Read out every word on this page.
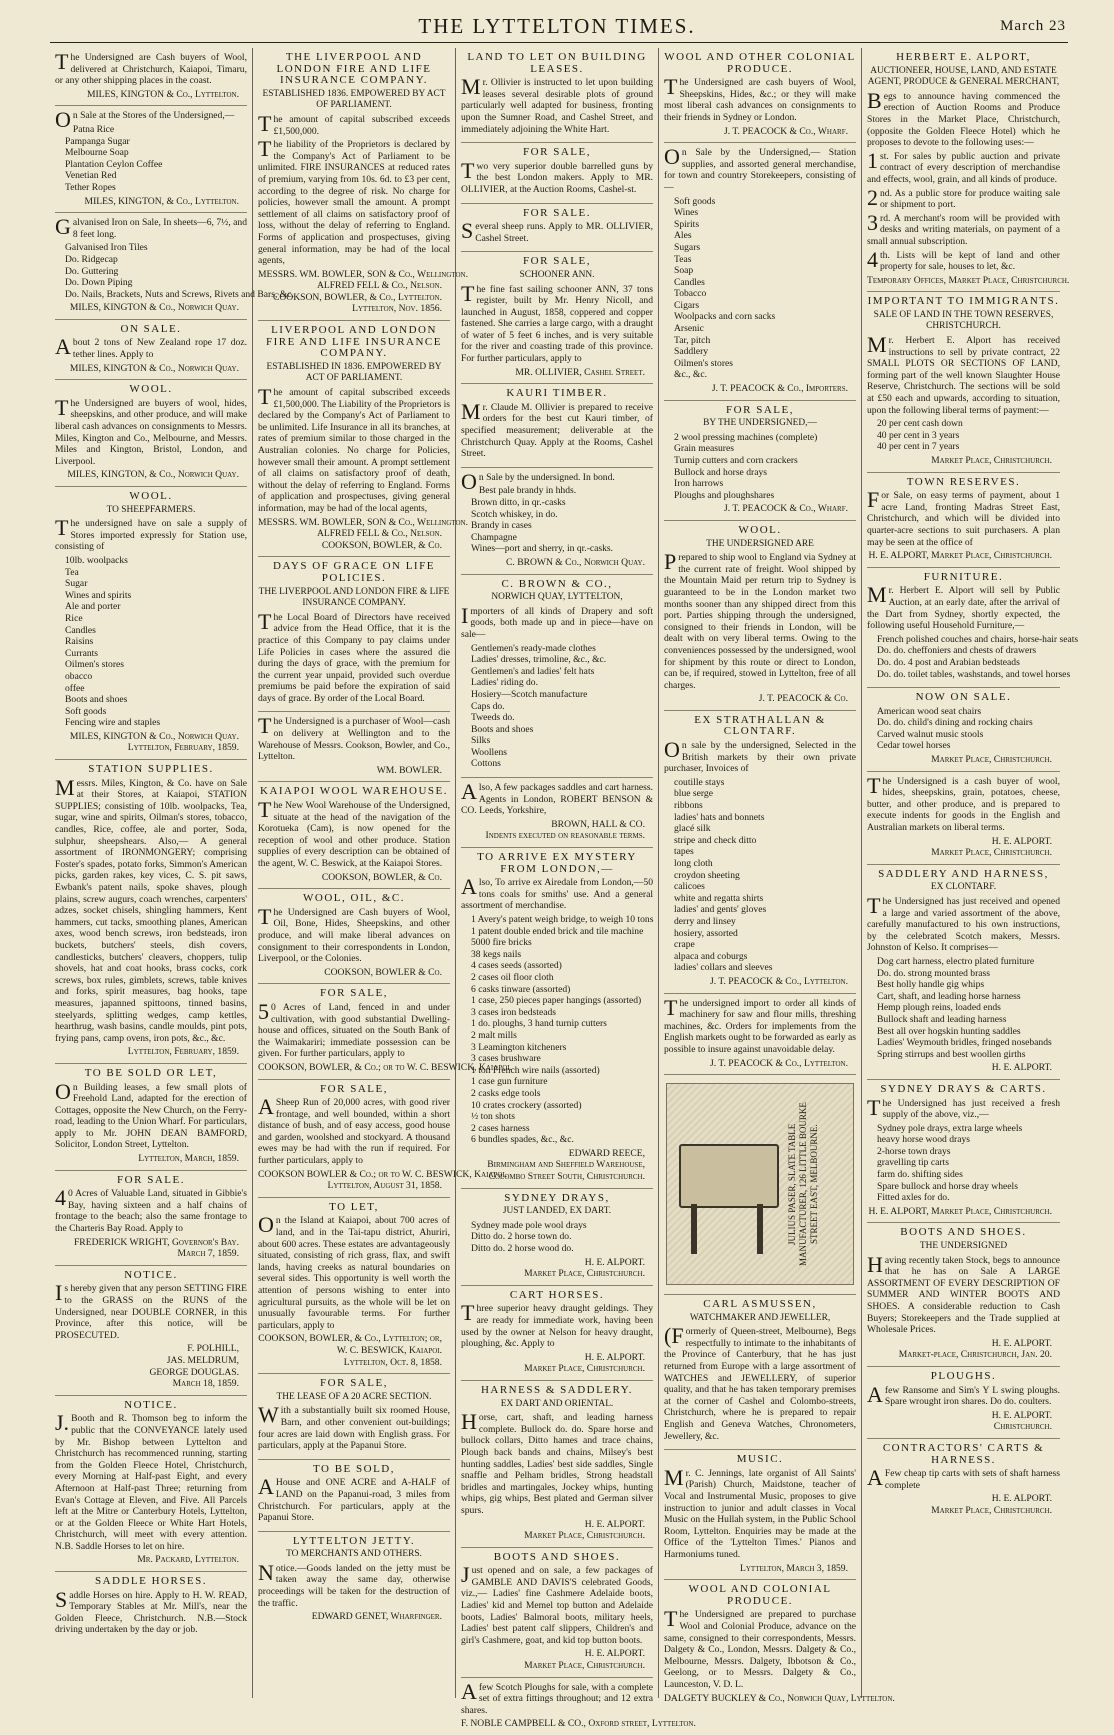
THE LYTTELTON TIMES.	March 23

The Undersigned are Cash buyers of Wool, delivered at Christchurch, Kaiapoi, Timaru, or any other shipping places in the coast.

MILES, KINGTON & Co., Lyttelton.

On Sale at the Stores of the Undersigned,—

Patna Rice
Pampanga Sugar
Melbourne Soap
Plantation Ceylon Coffee
Venetian Red
Tether Ropes
MILES, KINGTON, & Co., Lyttelton.

Galvanised Iron on Sale, In sheets—6, 7½, and 8 feet long.

Galvanised Iron Tiles
Do. Ridgecap
Do. Guttering
Do. Down Piping
Do. Nails, Brackets, Nuts and Screws, Rivets and Bars, &c.
MILES, KINGTON & Co., Norwich Quay.
ON SALE.

About 2 tons of New Zealand rope 17 doz. tether lines. Apply to

MILES, KINGTON & Co., Norwich Quay.
WOOL.

The Undersigned are buyers of wool, hides, sheepskins, and other produce, and will make liberal cash advances on consignments to Messrs. Miles, Kington and Co., Melbourne, and Messrs. Miles and Kington, Bristol, London, and Liverpool.

MILES, KINGTON, & Co., Norwich Quay.
WOOL.
TO SHEEPFARMERS.

The undersigned have on sale a supply of Stores imported expressly for Station use, consisting of

10lb. woolpacks
Tea
Sugar
Wines and spirits
Ale and porter
Rice
Candles
Raisins
Currants
Oilmen's stores
obacco
offee
Boots and shoes
Soft goods
Fencing wire and staples
MILES, KINGTON & Co., Norwich Quay.
Lyttelton, February, 1859.
STATION SUPPLIES.

Messrs. Miles, Kington, & Co. have on Sale at their Stores, at Kaiapoi, STATION SUPPLIES; consisting of 10lb. woolpacks, Tea, sugar, wine and spirits, Oilman's stores, tobacco, candles, Rice, coffee, ale and porter, Soda, sulphur, sheepshears. Also,— A general assortment of IRONMONGERY; comprising Foster's spades, potato forks, Simmon's American picks, garden rakes, key vices, C. S. pit saws, Ewbank's patent nails, spoke shaves, plough plains, screw augurs, coach wrenches, carpenters' adzes, socket chisels, shingling hammers, Kent hammers, cut tacks, smoothing planes, American axes, wood bench screws, iron bedsteads, iron buckets, butchers' steels, dish covers, candlesticks, butchers' cleavers, choppers, tulip shovels, hat and coat hooks, brass cocks, cork screws, box rules, gimblets, screws, table knives and forks, spirit measures, bag hooks, tape measures, japanned spittoons, tinned basins, steelyards, splitting wedges, camp kettles, hearthrug, wash basins, candle moulds, pint pots, frying pans, camp ovens, iron pots, &c., &c.

Lyttelton, February, 1859.
TO BE SOLD OR LET,

On Building leases, a few small plots of Freehold Land, adapted for the erection of Cottages, opposite the New Church, on the Ferry-road, leading to the Union Wharf. For particulars, apply to Mr. JOHN DEAN BAMFORD, Solicitor, London Street, Lyttelton.

Lyttelton, March, 1859.
FOR SALE.

40 Acres of Valuable Land, situated in Gibbie's Bay, having sixteen and a half chains of frontage to the beach; also the same frontage to the Charteris Bay Road. Apply to

FREDERICK WRIGHT, Governor's Bay.
March 7, 1859.
NOTICE.

Is hereby given that any person SETTING FIRE to the GRASS on the RUNS of the Undersigned, near DOUBLE CORNER, in this Province, after this notice, will be PROSECUTED.

F. POLHILL,
JAS. MELDRUM,
GEORGE DOUGLAS.
March 18, 1859.
NOTICE.

J.Booth and R. Thomson beg to inform the public that the CONVEYANCE lately used by Mr. Bishop between Lyttelton and Christchurch has recommenced running, starting from the Golden Fleece Hotel, Christchurch, every Morning at Half-past Eight, and every Afternoon at Half-past Three; returning from Evan's Cottage at Eleven, and Five. All Parcels left at the Mitre or Canterbury Hotels, Lyttelton, or at the Golden Fleece or White Hart Hotels, Christchurch, will meet with every attention. N.B. Saddle Horses to let on hire.

Mr. Packard, Lyttelton.
SADDLE HORSES.

Saddle Horses on hire. Apply to H. W. READ, Temporary Stables at Mr. Mill's, near the Golden Fleece, Christchurch. N.B.—Stock driving undertaken by the day or job.

THE LIVERPOOL AND LONDON FIRE AND LIFE INSURANCE COMPANY.
ESTABLISHED 1836. EMPOWERED BY ACT OF PARLIAMENT.

The amount of capital subscribed exceeds £1,500,000.

The liability of the Proprietors is declared by the Company's Act of Parliament to be unlimited. FIRE INSURANCES at reduced rates of premium, varying from 10s. 6d. to £3 per cent, according to the degree of risk. No charge for policies, however small the amount. A prompt settlement of all claims on satisfactory proof of loss, without the delay of referring to England. Forms of application and prospectuses, giving general information, may be had of the local agents,

MESSRS. WM. BOWLER, SON & Co., Wellington.
ALFRED FELL & Co., Nelson.
COOKSON, BOWLER, & Co., Lyttelton.
Lyttelton, Nov. 1856.
LIVERPOOL AND LONDON FIRE AND LIFE INSURANCE COMPANY.
ESTABLISHED IN 1836. EMPOWERED BY ACT OF PARLIAMENT.

The amount of capital subscribed exceeds £1,500,000. The Liability of the Proprietors is declared by the Company's Act of Parliament to be unlimited. Life Insurance in all its branches, at rates of premium similar to those charged in the Australian colonies. No charge for Policies, however small their amount. A prompt settlement of all claims on satisfactory proof of death, without the delay of referring to England. Forms of application and prospectuses, giving general information, may be had of the local agents,

MESSRS. WM. BOWLER, SON & Co., Wellington.
ALFRED FELL & Co., Nelson.
COOKSON, BOWLER, & Co.
DAYS OF GRACE ON LIFE POLICIES.
THE LIVERPOOL AND LONDON FIRE & LIFE INSURANCE COMPANY.

The Local Board of Directors have received advice from the Head Office, that it is the practice of this Company to pay claims under Life Policies in cases where the assured die during the days of grace, with the premium for the current year unpaid, provided such overdue premiums be paid before the expiration of said days of grace. By order of the Local Board.

The Undersigned is a purchaser of Wool—cash on delivery at Wellington and to the Warehouse of Messrs. Cookson, Bowler, and Co., Lyttelton.

WM. BOWLER.
KAIAPOI WOOL WAREHOUSE.

The New Wool Warehouse of the Undersigned, situate at the head of the navigation of the Korotueka (Cam), is now opened for the reception of wool and other produce. Station supplies of every description can be obtained of the agent, W. C. Beswick, at the Kaiapoi Stores.

COOKSON, BOWLER, & Co.
WOOL, OIL, &C.

The Undersigned are Cash buyers of Wool, Oil, Bone, Hides, Sheepskins, and other produce, and will make liberal advances on consignment to their correspondents in London, Liverpool, or the Colonies.

COOKSON, BOWLER & Co.
FOR SALE,

50 Acres of Land, fenced in and under cultivation, with good substantial Dwelling-house and offices, situated on the South Bank of the Waimakariri; immediate possession can be given. For further particulars, apply to

COOKSON, BOWLER, & Co.; or to W. C. BESWICK, Kaiapoi.
FOR SALE,

ASheep Run of 20,000 acres, with good river frontage, and well bounded, within a short distance of bush, and of easy access, good house and garden, woolshed and stockyard. A thousand ewes may be had with the run if required. For further particulars, apply to

COOKSON BOWLER & Co.; or to W. C. BESWICK, Kaiapoi.
Lyttelton, August 31, 1858.
TO LET,

On the Island at Kaiapoi, about 700 acres of land, and in the Tai-tapu district, Ahuriri, about 600 acres. These estates are advantageously situated, consisting of rich grass, flax, and swift lands, having creeks as natural boundaries on several sides. This opportunity is well worth the attention of persons wishing to enter into agricultural pursuits, as the whole will be let on unusually favourable terms. For further particulars, apply to

COOKSON, BOWLER, & Co., Lyttelton; or,
W. C. BESWICK, Kaiapoi.
Lyttelton, Oct. 8, 1858.
FOR SALE,
THE LEASE OF A 20 ACRE SECTION.

With a substantially built six roomed House, Barn, and other convenient out-buildings; four acres are laid down with English grass. For particulars, apply at the Papanui Store.

TO BE SOLD,

AHouse and ONE ACRE and A-HALF of LAND on the Papanui-road, 3 miles from Christchurch. For particulars, apply at the Papanui Store.

LYTTELTON JETTY.
TO MERCHANTS AND OTHERS.

Notice.—Goods landed on the jetty must be taken away the same day, otherwise proceedings will be taken for the destruction of the traffic.

EDWARD GENET, Wharfinger.
LAND TO LET ON BUILDING LEASES.

Mr. Ollivier is instructed to let upon building leases several desirable plots of ground particularly well adapted for business, fronting upon the Sumner Road, and Cashel Street, and immediately adjoining the White Hart.

FOR SALE,

Two very superior double barrelled guns by the best London makers. Apply to MR. OLLIVIER, at the Auction Rooms, Cashel-st.

FOR SALE.

Several sheep runs. Apply to MR. OLLIVIER, Cashel Street.

FOR SALE,
SCHOONER ANN.

The fine fast sailing schooner ANN, 37 tons register, built by Mr. Henry Nicoll, and launched in August, 1858, coppered and copper fastened. She carries a large cargo, with a draught of water of 5 feet 6 inches, and is very suitable for the river and coasting trade of this province. For further particulars, apply to

MR. OLLIVIER, Cashel Street.
KAURI TIMBER.

Mr. Claude M. Ollivier is prepared to receive orders for the best cut Kauri timber, of specified measurement; deliverable at the Christchurch Quay. Apply at the Rooms, Cashel Street.

On Sale by the undersigned. In bond.

Best pale brandy in hhds.
Brown ditto, in qr.-casks
Scotch whiskey, in do.
Brandy in cases
Champagne
Wines—port and sherry, in qr.-casks.
C. BROWN & Co., Norwich Quay.
C. BROWN & CO.,
NORWICH QUAY, LYTTELTON,

Importers of all kinds of Drapery and soft goods, both made up and in piece—have on sale—

Gentlemen's ready-made clothes
Ladies' dresses, trimoline, &c., &c.
Gentlemen's and ladies' felt hats
Ladies' riding do.
Hosiery—Scotch manufacture
Caps do.
Tweeds do.
Boots and shoes
Silks
Woollens
Cottons

Also, A few packages saddles and cart harness. Agents in London, ROBERT BENSON & CO. Leeds, Yorkshire,

BROWN, HALL & CO.
Indents executed on reasonable terms.
TO ARRIVE EX MYSTERY FROM LONDON,—

Also, To arrive ex Airedale from London,—50 tons coals for smiths' use. And a general assortment of merchandise.

1 Avery's patent weigh bridge, to weigh 10 tons
1 patent double ended brick and tile machine
5000 fire bricks
38 kegs nails
4 cases seeds (assorted)
2 cases oil floor cloth
6 casks tinware (assorted)
1 case, 250 pieces paper hangings (assorted)
3 cases iron bedsteads
1 do. ploughs, 3 hand turnip cutters
2 malt mills
3 Leamington kitcheners
3 cases brushware
1 ton French wire nails (assorted)
1 case gun furniture
2 casks edge tools
10 crates crockery (assorted)
½ ton shots
2 cases harness
6 bundles spades, &c., &c.
EDWARD REECE,
Birmingham and Sheffield Warehouse,
Colombo Street South, Christchurch.
SYDNEY DRAYS,
JUST LANDED, EX DART.
Sydney made pole wool drays
Ditto do. 2 horse town do.
Ditto do. 2 horse wood do.
H. E. ALPORT.
Market Place, Christchurch.
CART HORSES.

Three superior heavy draught geldings. They are ready for immediate work, having been used by the owner at Nelson for heavy draught, ploughing, &c. Apply to

H. E. ALPORT.
Market Place, Christchurch.
HARNESS & SADDLERY.
EX DART AND ORIENTAL.

Horse, cart, shaft, and leading harness complete. Bullock do. do. Spare horse and bullock collars, Ditto hames and trace chains, Plough back bands and chains, Milsey's best hunting saddles, Ladies' best side saddles, Single snaffle and Pelham bridles, Strong headstall bridles and martingales, Jockey whips, hunting whips, gig whips, Best plated and German silver spurs.

H. E. ALPORT.
Market Place, Christchurch.
BOOTS AND SHOES.

Just opened and on sale, a few packages of GAMBLE AND DAVIS'S celebrated Goods, viz.,— Ladies' fine Cashmere Adelaide boots, Ladies' kid and Memel top button and Adelaide boots, Ladies' Balmoral boots, military heels, Ladies' best patent calf slippers, Children's and girl's Cashmere, goat, and kid top button boots.

H. E. ALPORT.
Market Place, Christchurch.

Afew Scotch Ploughs for sale, with a complete set of extra fittings throughout; and 12 extra shares.

F. NOBLE CAMPBELL & CO., Oxford street, Lyttelton.
WOOL AND OTHER COLONIAL PRODUCE.

The Undersigned are cash buyers of Wool, Sheepskins, Hides, &c.; or they will make most liberal cash advances on consignments to their friends in Sydney or London.

J. T. PEACOCK & Co., Wharf.

On Sale by the Undersigned,— Station supplies, and assorted general merchandise, for town and country Storekeepers, consisting of—

Soft goods
Wines
Spirits
Ales
Sugars
Teas
Soap
Candles
Tobacco
Cigars
Woolpacks and corn sacks
Arsenic
Tar, pitch
Saddlery
Oilmen's stores
&c., &c.
J. T. PEACOCK & Co., Importers.
FOR SALE,
BY THE UNDERSIGNED,—
2 wool pressing machines (complete)
Grain measures
Turnip cutters and corn crackers
Bullock and horse drays
Iron harrows
Ploughs and ploughshares
J. T. PEACOCK & Co., Wharf.
WOOL.
THE UNDERSIGNED ARE

Prepared to ship wool to England via Sydney at the current rate of freight. Wool shipped by the Mountain Maid per return trip to Sydney is guaranteed to be in the London market two months sooner than any shipped direct from this port. Parties shipping through the undersigned, consigned to their friends in London, will be dealt with on very liberal terms. Owing to the conveniences possessed by the undersigned, wool for shipment by this route or direct to London, can be, if required, stowed in Lyttelton, free of all charges.

J. T. PEACOCK & Co.
EX STRATHALLAN & CLONTARF.

On sale by the undersigned, Selected in the British markets by their own private purchaser, Invoices of

coutille stays
blue serge
ribbons
ladies' hats and bonnets
glacé silk
stripe and check ditto
tapes
long cloth
croydon sheeting
calicoes
white and regatta shirts
ladies' and gents' gloves
derry and linsey
hosiery, assorted
crape
alpaca and coburgs
ladies' collars and sleeves
J. T. PEACOCK & Co., Lyttelton.

The undersigned import to order all kinds of machinery for saw and flour mills, threshing machines, &c. Orders for implements from the English markets ought to be forwarded as early as possible to insure against unavoidable delay.

J. T. PEACOCK & Co., Lyttelton.
JULIUS PASER, SLATE TABLE MANUFACTURER, 126 LITTLE BOURKE STREET EAST, MELBOURNE.
CARL ASMUSSEN,
WATCHMAKER AND JEWELLER,

(Formerly of Queen-street, Melbourne), Begs respectfully to intimate to the inhabitants of the Province of Canterbury, that he has just returned from Europe with a large assortment of WATCHES and JEWELLERY, of superior quality, and that he has taken temporary premises at the corner of Cashel and Colombo-streets, Christchurch, where he is prepared to repair English and Geneva Watches, Chronometers, Jewellery, &c.

MUSIC.

Mr. C. Jennings, late organist of All Saints' (Parish) Church, Maidstone, teacher of Vocal and Instrumental Music, proposes to give instruction to junior and adult classes in Vocal Music on the Hullah system, in the Public School Room, Lyttelton. Enquiries may be made at the Office of the 'Lyttelton Times.' Pianos and Harmoniums tuned.

Lyttelton, March 3, 1859.
WOOL AND COLONIAL PRODUCE.

The Undersigned are prepared to purchase Wool and Colonial Produce, advance on the same, consigned to their correspondents, Messrs. Dalgety & Co., London, Messrs. Dalgety & Co., Melbourne, Messrs. Dalgety, Ibbotson & Co., Geelong, or to Messrs. Dalgety & Co., Launceston, V. D. L.

DALGETY BUCKLEY & Co., Norwich Quay, Lyttelton.
HERBERT E. ALPORT,
AUCTIONEER, HOUSE, LAND, AND ESTATE AGENT, PRODUCE & GENERAL MERCHANT,

Begs to announce having commenced the erection of Auction Rooms and Produce Stores in the Market Place, Christchurch, (opposite the Golden Fleece Hotel) which he proposes to devote to the following uses:—

1st. For sales by public auction and private contract of every description of merchandise and effects, wool, grain, and all kinds of produce.

2nd. As a public store for produce waiting sale or shipment to port.

3rd. A merchant's room will be provided with desks and writing materials, on payment of a small annual subscription.

4th. Lists will be kept of land and other property for sale, houses to let, &c.

Temporary Offices, Market Place, Christchurch.
IMPORTANT TO IMMIGRANTS.
SALE OF LAND IN THE TOWN RESERVES, CHRISTCHURCH.

Mr. Herbert E. Alport has received instructions to sell by private contract, 22 SMALL PLOTS OR SECTIONS OF LAND, forming part of the well known Slaughter House Reserve, Christchurch. The sections will be sold at £50 each and upwards, according to situation, upon the following liberal terms of payment:—

20 per cent cash down
40 per cent in 3 years
40 per cent in 7 years
Market Place, Christchurch.
TOWN RESERVES.

For Sale, on easy terms of payment, about 1 acre Land, fronting Madras Street East, Christchurch, and which will be divided into quarter-acre sections to suit purchasers. A plan may be seen at the office of

H. E. ALPORT, Market Place, Christchurch.
FURNITURE.

Mr. Herbert E. Alport will sell by Public Auction, at an early date, after the arrival of the Dart from Sydney, shortly expected, the following useful Household Furniture,—

French polished couches and chairs, horse-hair seats
Do. do. cheffoniers and chests of drawers
Do. do. 4 post and Arabian bedsteads
Do. do. toilet tables, washstands, and towel horses
NOW ON SALE.
American wood seat chairs
Do. do. child's dining and rocking chairs
Carved walnut music stools
Cedar towel horses
Market Place, Christchurch.

The Undersigned is a cash buyer of wool, hides, sheepskins, grain, potatoes, cheese, butter, and other produce, and is prepared to execute indents for goods in the English and Australian markets on liberal terms.

H. E. ALPORT.
Market Place, Christchurch.
SADDLERY AND HARNESS,
EX CLONTARF.

The Undersigned has just received and opened a large and varied assortment of the above, carefully manufactured to his own instructions, by the celebrated Scotch makers, Messrs. Johnston of Kelso. It comprises—

Dog cart harness, electro plated furniture
Do. do. strong mounted brass
Best holly handle gig whips
Cart, shaft, and leading horse harness
Hemp plough reins, loaded ends
Bullock shaft and leading harness
Best all over hogskin hunting saddles
Ladies' Weymouth bridles, fringed nosebands
Spring stirrups and best woollen girths
H. E. ALPORT.
SYDNEY DRAYS & CARTS.

The Undersigned has just received a fresh supply of the above, viz.,—

Sydney pole drays, extra large wheels
heavy horse wood drays
2-horse town drays
gravelling tip carts
farm do. shifting sides
Spare bullock and horse dray wheels
Fitted axles for do.
H. E. ALPORT, Market Place, Christchurch.
BOOTS AND SHOES.
THE UNDERSIGNED

Having recently taken Stock, begs to announce that he has on Sale A LARGE ASSORTMENT OF EVERY DESCRIPTION OF SUMMER AND WINTER BOOTS AND SHOES. A considerable reduction to Cash Buyers; Storekeepers and the Trade supplied at Wholesale Prices.

H. E. ALPORT.
Market-place, Christchurch, Jan. 20.
PLOUGHS.

Afew Ransome and Sim's Y L swing ploughs. Spare wrought iron shares. Do do. coulters.

H. E. ALPORT.
Christchurch.
CONTRACTORS' CARTS & HARNESS.

AFew cheap tip carts with sets of shaft harness complete

H. E. ALPORT.
Market Place, Christchurch.
